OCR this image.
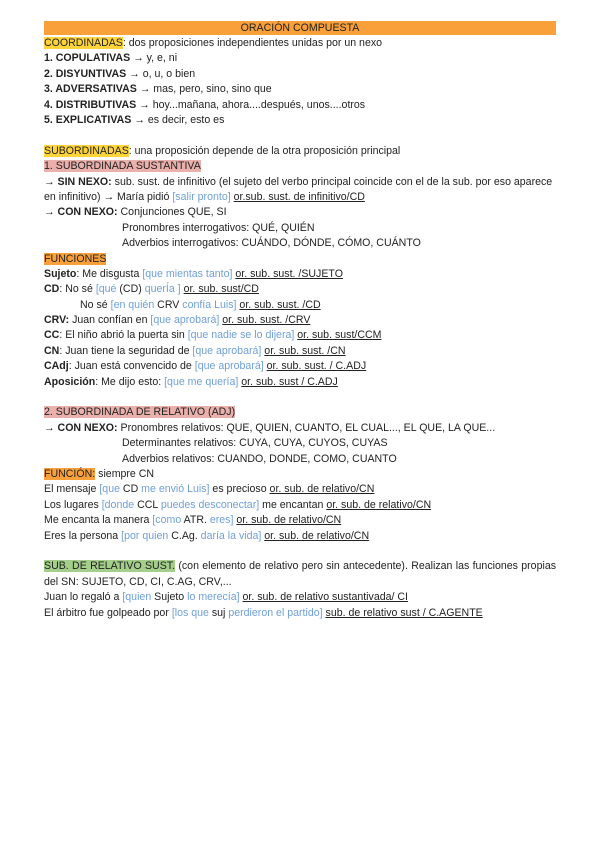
ORACIÓN COMPUESTA
COORDINADAS: dos proposiciones independientes unidas por un nexo
1. COPULATIVAS → y, e, ni
2. DISYUNTIVAS → o, u, o bien
3. ADVERSATIVAS → mas, pero, sino, sino que
4. DISTRIBUTIVAS → hoy...mañana, ahora....después, unos....otros
5. EXPLICATIVAS → es decir, esto es
SUBORDINADAS: una proposición depende de la otra proposición principal
1. SUBORDINADA SUSTANTIVA
→ SIN NEXO: sub. sust. de infinitivo (el sujeto del verbo principal coincide con el de la sub. por eso aparece en infinitivo) → María pidió [salir pronto] or.sub. sust. de infinitivo/CD
→ CON NEXO: Conjunciones QUE, SI
Pronombres interrogativos: QUÉ, QUIÉN
Adverbios interrogativos: CUÁNDO, DÓNDE, CÓMO, CUÁNTO
FUNCIONES
Sujeto: Me disgusta [que mientas tanto] or. sub. sust. /SUJETO
CD: No sé [qué (CD) querÍa ] or. sub. sust/CD
No sé [en quién CRV confía Luis] or. sub. sust. /CD
CRV: Juan confían en [que aprobará] or. sub. sust. /CRV
CC: El niño abrió la puerta sin [que nadie se lo dijera] or. sub. sust/CCM
CN: Juan tiene la seguridad de [que aprobará] or. sub. sust. /CN
CAdj: Juan está convencido de [que aprobará] or. sub. sust. / C.ADJ
Aposición: Me dijo esto: [que me quería] or. sub. sust / C.ADJ
2. SUBORDINADA DE RELATIVO (ADJ)
→ CON NEXO: Pronombres relativos: QUE, QUIEN, CUANTO, EL CUAL..., EL QUE, LA QUE...
Determinantes relativos: CUYA, CUYA, CUYOS, CUYAS
Adverbios relativos: CUANDO, DONDE, COMO, CUANTO
FUNCIÓN: siempre CN
El mensaje [que CD me envió Luis] es precioso or. sub. de relativo/CN
Los lugares [donde CCL puedes desconectar] me encantan or. sub. de relativo/CN
Me encanta la manera [como ATR. eres] or. sub. de relativo/CN
Eres la persona [por quien C.Ag. daría la vida] or. sub. de relativo/CN
SUB. DE RELATIVO SUST. (con elemento de relativo pero sin antecedente). Realizan las funciones propias del SN: SUJETO, CD, CI, C.AG, CRV,...
Juan lo regaló a [quien Sujeto lo merecía] or. sub. de relativo sustantivada/ CI
El árbitro fue golpeado por [los que suj perdieron el partido] sub. de relativo sust / C.AGENTE
